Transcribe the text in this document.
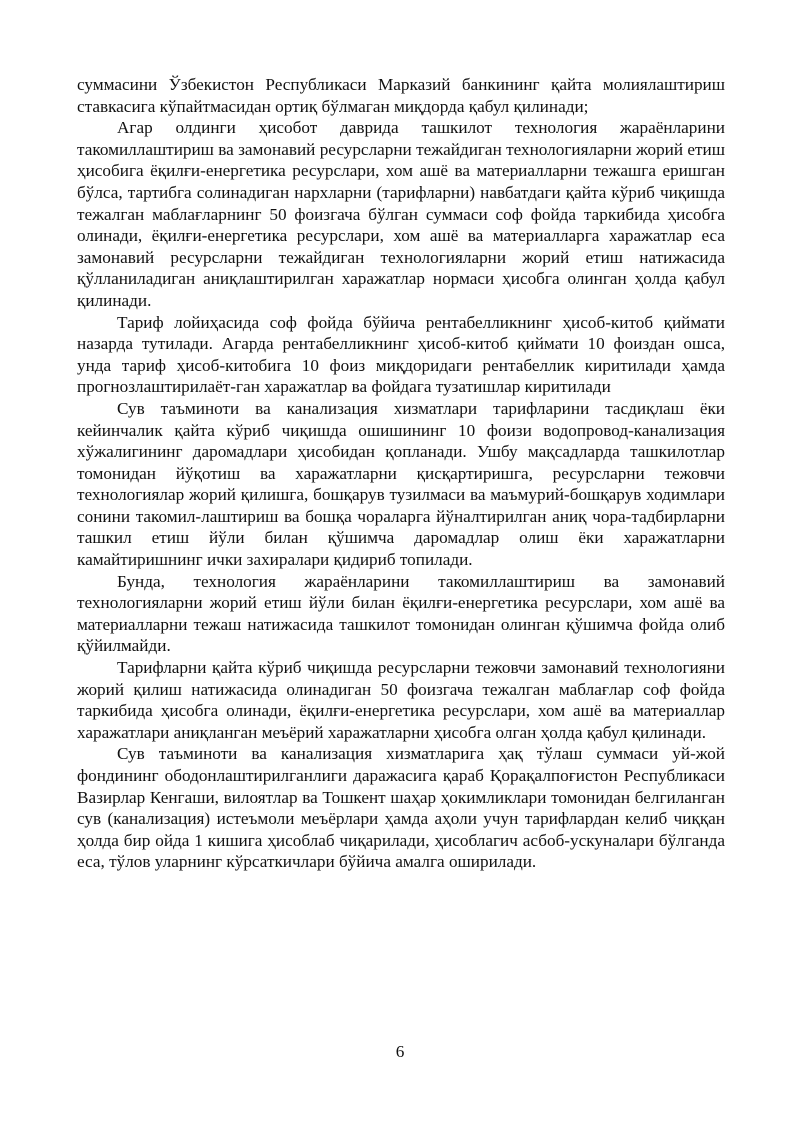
суммасини Ўзбекистон Республикаси Марказий банкининг қайта молиялаштириш ставкасига кўпайтмасидан ортиқ бўлмаган миқдорда қабул қилинади;

Агар олдинги ҳисобот даврида ташкилот технология жараёнларини такомиллаштириш ва замонавий ресурсларни тежайдиган технологияларни жорий етиш ҳисобига ёқилғи-енергетика ресурслари, хом ашё ва материалларни тежашга еришган бўлса, тартибга солинадиган нархларни (тарифларни) навбатдаги қайта кўриб чиқишда тежалган маблағларнинг 50 фоизгача бўлган суммаси соф фойда таркибида ҳисобга олинади, ёқилғи-енергетика ресурслари, хом ашё ва материалларга харажатлар еса замонавий ресурсларни тежайдиган технологияларни жорий етиш натижасида қўлланиладиган аниқлаштирилган харажатлар нормаси ҳисобга олинган ҳолда қабул қилинади.

Тариф лойиҳасида соф фойда бўйича рентабелликнинг ҳисоб-китоб қиймати назарда тутилади. Агарда рентабелликнинг ҳисоб-китоб қиймати 10 фоиздан ошса, унда тариф ҳисоб-китобига 10 фоиз миқдоридаги рентабеллик киритилади ҳамда прогнозлаштирилаёт-ган харажатлар ва фойдага тузатишлар киритилади

Сув таъминоти ва канализация хизматлари тарифларини тасдиқлаш ёки кейинчалик қайта кўриб чиқишда ошишининг 10 фоизи водопровод-канализация хўжалигининг даромадлари ҳисобидан қопланади. Ушбу мақсадларда ташкилотлар томонидан йўқотиш ва харажатларни қисқартиришга, ресурсларни тежовчи технологиялар жорий қилишга, бошқарув тузилмаси ва маъмурий-бошқарув ходимлари сонини такомил-лаштириш ва бошқа чораларга йўналтирилган аниқ чора-тадбирларни ташкил етиш йўли билан қўшимча даромадлар олиш ёки харажатларни камайтиришнинг ички захиралари қидириб топилади.

Бунда, технология жараёнларини такомиллаштириш ва замонавий технологияларни жорий етиш йўли билан ёқилғи-енергетика ресурслари, хом ашё ва материалларни тежаш натижасида ташкилот томонидан олинган қўшимча фойда олиб қўйилмайди.

Тарифларни қайта кўриб чиқишда ресурсларни тежовчи замонавий технологияни жорий қилиш натижасида олинадиган 50 фоизгача тежалган маблағлар соф фойда таркибида ҳисобга олинади, ёқилғи-енергетика ресурслари, хом ашё ва материаллар харажатлари аниқланган меъёрий харажатларни ҳисобга олган ҳолда қабул қилинади.

Сув таъминоти ва канализация хизматларига ҳақ тўлаш суммаси уй-жой фондининг ободонлаштирилганлиги даражасига қараб Қорақалпоғистон Республикаси Вазирлар Кенгаши, вилоятлар ва Тошкент шаҳар ҳокимликлари томонидан белгиланган сув (канализация) истеъмоли меъёрлари ҳамда аҳоли учун тарифлардан келиб чиққан ҳолда бир ойда 1 кишига ҳисоблаб чиқарилади, ҳисоблагич асбоб-ускуналари бўлганда еса, тўлов уларнинг кўрсаткичлари бўйича амалга оширилади.

6
